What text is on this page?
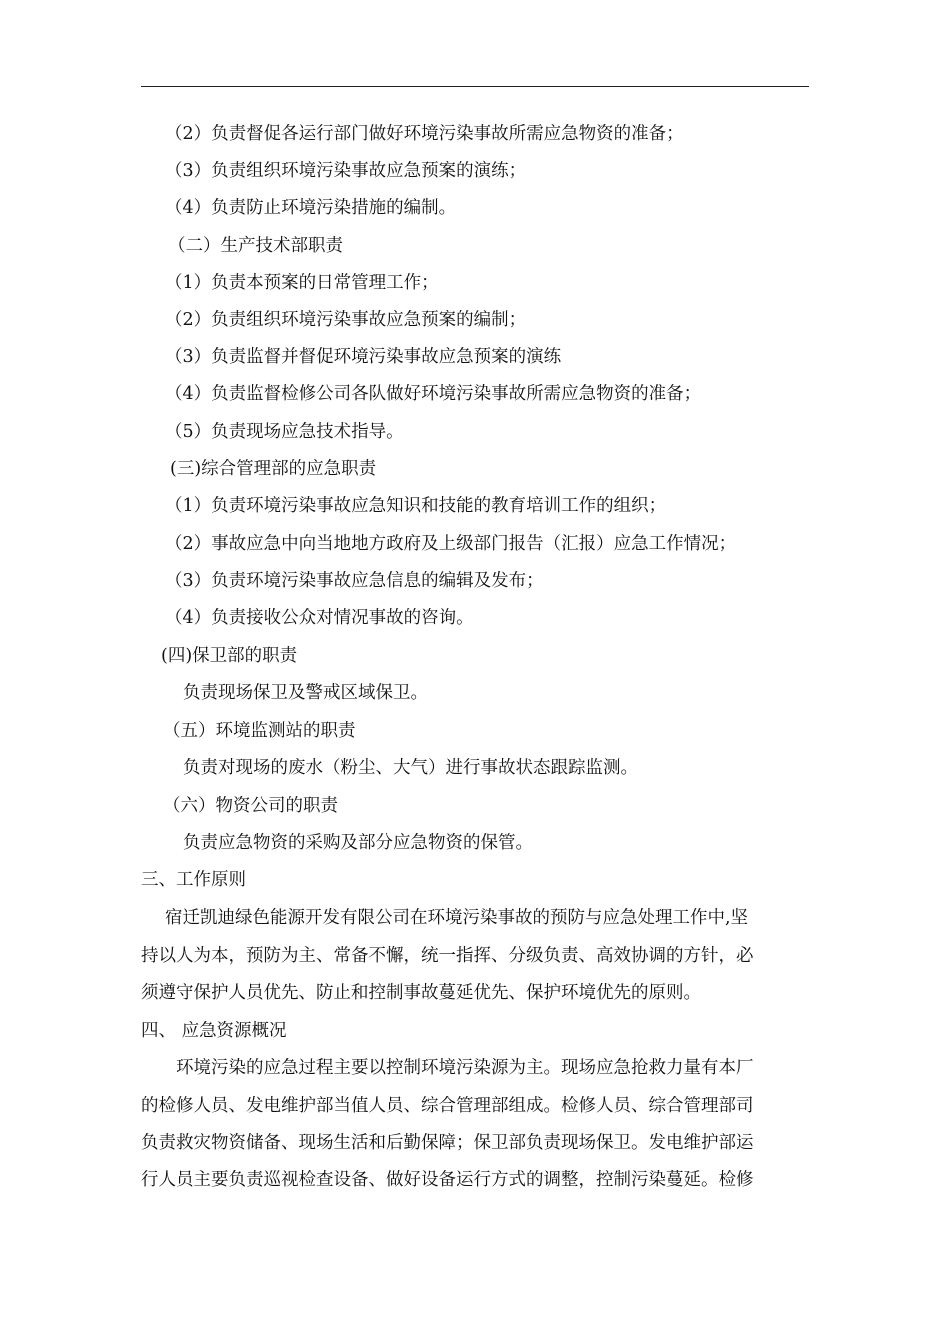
（2）负责督促各运行部门做好环境污染事故所需应急物资的准备；
（3）负责组织环境污染事故应急预案的演练；
（4）负责防止环境污染措施的编制。
（二）生产技术部职责
（1）负责本预案的日常管理工作；
（2）负责组织环境污染事故应急预案的编制；
（3）负责监督并督促环境污染事故应急预案的演练
（4）负责监督检修公司各队做好环境污染事故所需应急物资的准备；
（5）负责现场应急技术指导。
(三)综合管理部的应急职责
（1）负责环境污染事故应急知识和技能的教育培训工作的组织；
（2）事故应急中向当地地方政府及上级部门报告（汇报）应急工作情况；
（3）负责环境污染事故应急信息的编辑及发布；
（4）负责接收公众对情况事故的咨询。
(四)保卫部的职责
负责现场保卫及警戒区域保卫。
（五）环境监测站的职责
负责对现场的废水（粉尘、大气）进行事故状态跟踪监测。
（六）物资公司的职责
负责应急物资的采购及部分应急物资的保管。
三、工作原则
宿迁凯迪绿色能源开发有限公司在环境污染事故的预防与应急处理工作中,坚
持以人为本，预防为主、常备不懈，统一指挥、分级负责、高效协调的方针，必
须遵守保护人员优先、防止和控制事故蔓延优先、保护环境优先的原则。
四、 应急资源概况
环境污染的应急过程主要以控制环境污染源为主。现场应急抢救力量有本厂
的检修人员、发电维护部当值人员、综合管理部组成。检修人员、综合管理部司
负责救灾物资储备、现场生活和后勤保障；保卫部负责现场保卫。发电维护部运
行人员主要负责巡视检查设备、做好设备运行方式的调整，控制污染蔓延。检修
